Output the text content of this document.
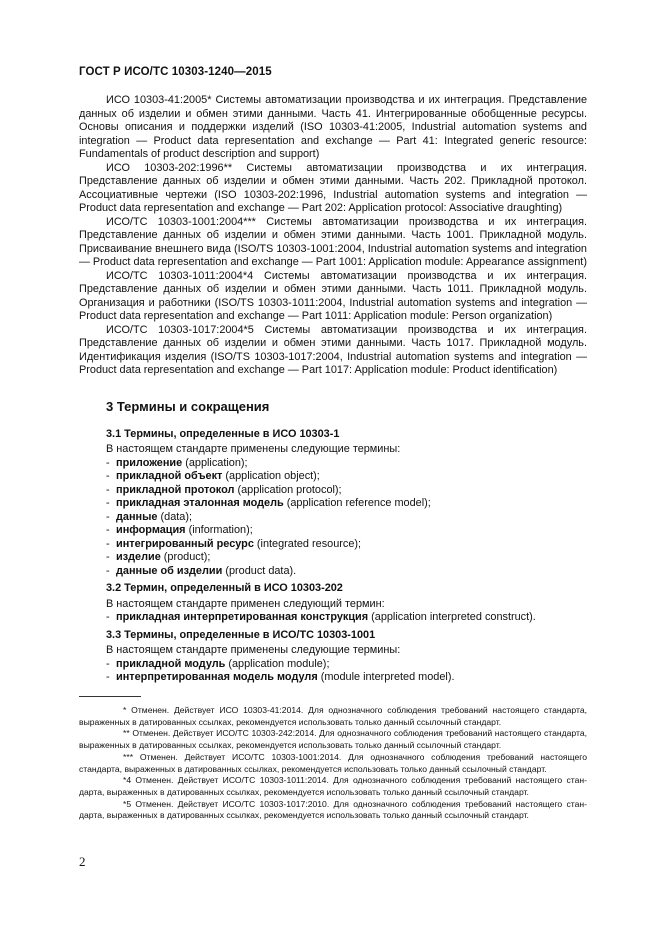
ГОСТ Р ИСО/ТС 10303-1240—2015

ИСО 10303-41:2005* Системы автоматизации производства и их интеграция. Представление данных об изделии и обмен этими данными. Часть 41. Интегрированные обобщенные ресурсы. Основы описания и поддержки изделий (ISO 10303-41:2005, Industrial automation systems and integration — Product data representation and exchange — Part 41: Integrated generic resource: Fundamentals of product description and support)

ИСО 10303-202:1996** Системы автоматизации производства и их интеграция. Представление данных об изделии и обмен этими данными. Часть 202. Прикладной протокол. Ассоциативные чертежи (ISO 10303-202:1996, Industrial automation systems and integration — Product data representation and exchange — Part 202: Application protocol: Associative draughting)

ИСО/ТС 10303-1001:2004*** Системы автоматизации производства и их интеграция. Представление данных об изделии и обмен этими данными. Часть 1001. Прикладной модуль. Присваивание внешнего вида (ISO/TS 10303-1001:2004, Industrial automation systems and integration — Product data representation and exchange — Part 1001: Application module: Appearance assignment)

ИСО/ТС 10303-1011:2004*4 Системы автоматизации производства и их интеграция. Представление данных об изделии и обмен этими данными. Часть 1011. Прикладной модуль. Организация и работники (ISO/TS 10303-1011:2004, Industrial automation systems and integration — Product data representation and exchange — Part 1011: Application module: Person organization)

ИСО/ТС 10303-1017:2004*5 Системы автоматизации производства и их интеграция. Представление данных об изделии и обмен этими данными. Часть 1017. Прикладной модуль. Идентификация изделия (ISO/TS 10303-1017:2004, Industrial automation systems and integration — Product data representation and exchange — Part 1017: Application module: Product identification)

3 Термины и сокращения
3.1 Термины, определенные в ИСО 10303-1
В настоящем стандарте применены следующие термины:
- приложение (application);
- прикладной объект (application object);
- прикладной протокол (application protocol);
- прикладная эталонная модель (application reference model);
- данные (data);
- информация (information);
- интегрированный ресурс (integrated resource);
- изделие (product);
- данные об изделии (product data).
3.2 Термин, определенный в ИСО 10303-202
В настоящем стандарте применен следующий термин:
- прикладная интерпретированная конструкция (application interpreted construct).
3.3 Термины, определенные в ИСО/ТС 10303-1001
В настоящем стандарте применены следующие термины:
- прикладной модуль (application module);
- интерпретированная модель модуля (module interpreted model).

* Отменен. Действует ИСО 10303-41:2014. Для однозначного соблюдения требований настоящего стандарта, выраженных в датированных ссылках, рекомендуется использовать только данный ссылочный стандарт.

** Отменен. Действует ИСО/ТС 10303-242:2014. Для однозначного соблюдения требований настоящего стандарта, выраженных в датированных ссылках, рекомендуется использовать только данный ссылочный стандарт.

*** Отменен. Действует ИСО/ТС 10303-1001:2014. Для однозначного соблюдения требований настоящего стандарта, выраженных в датированных ссылках, рекомендуется использовать только данный ссылочный стандарт.

*4 Отменен. Действует ИСО/ТС 10303-1011:2014. Для однозначного соблюдения требований настоящего стандарта, выраженных в датированных ссылках, рекомендуется использовать только данный ссылочный стандарт.

*5 Отменен. Действует ИСО/ТС 10303-1017:2010. Для однозначного соблюдения требований настоящего стандарта, выраженных в датированных ссылках, рекомендуется использовать только данный ссылочный стандарт.

2
